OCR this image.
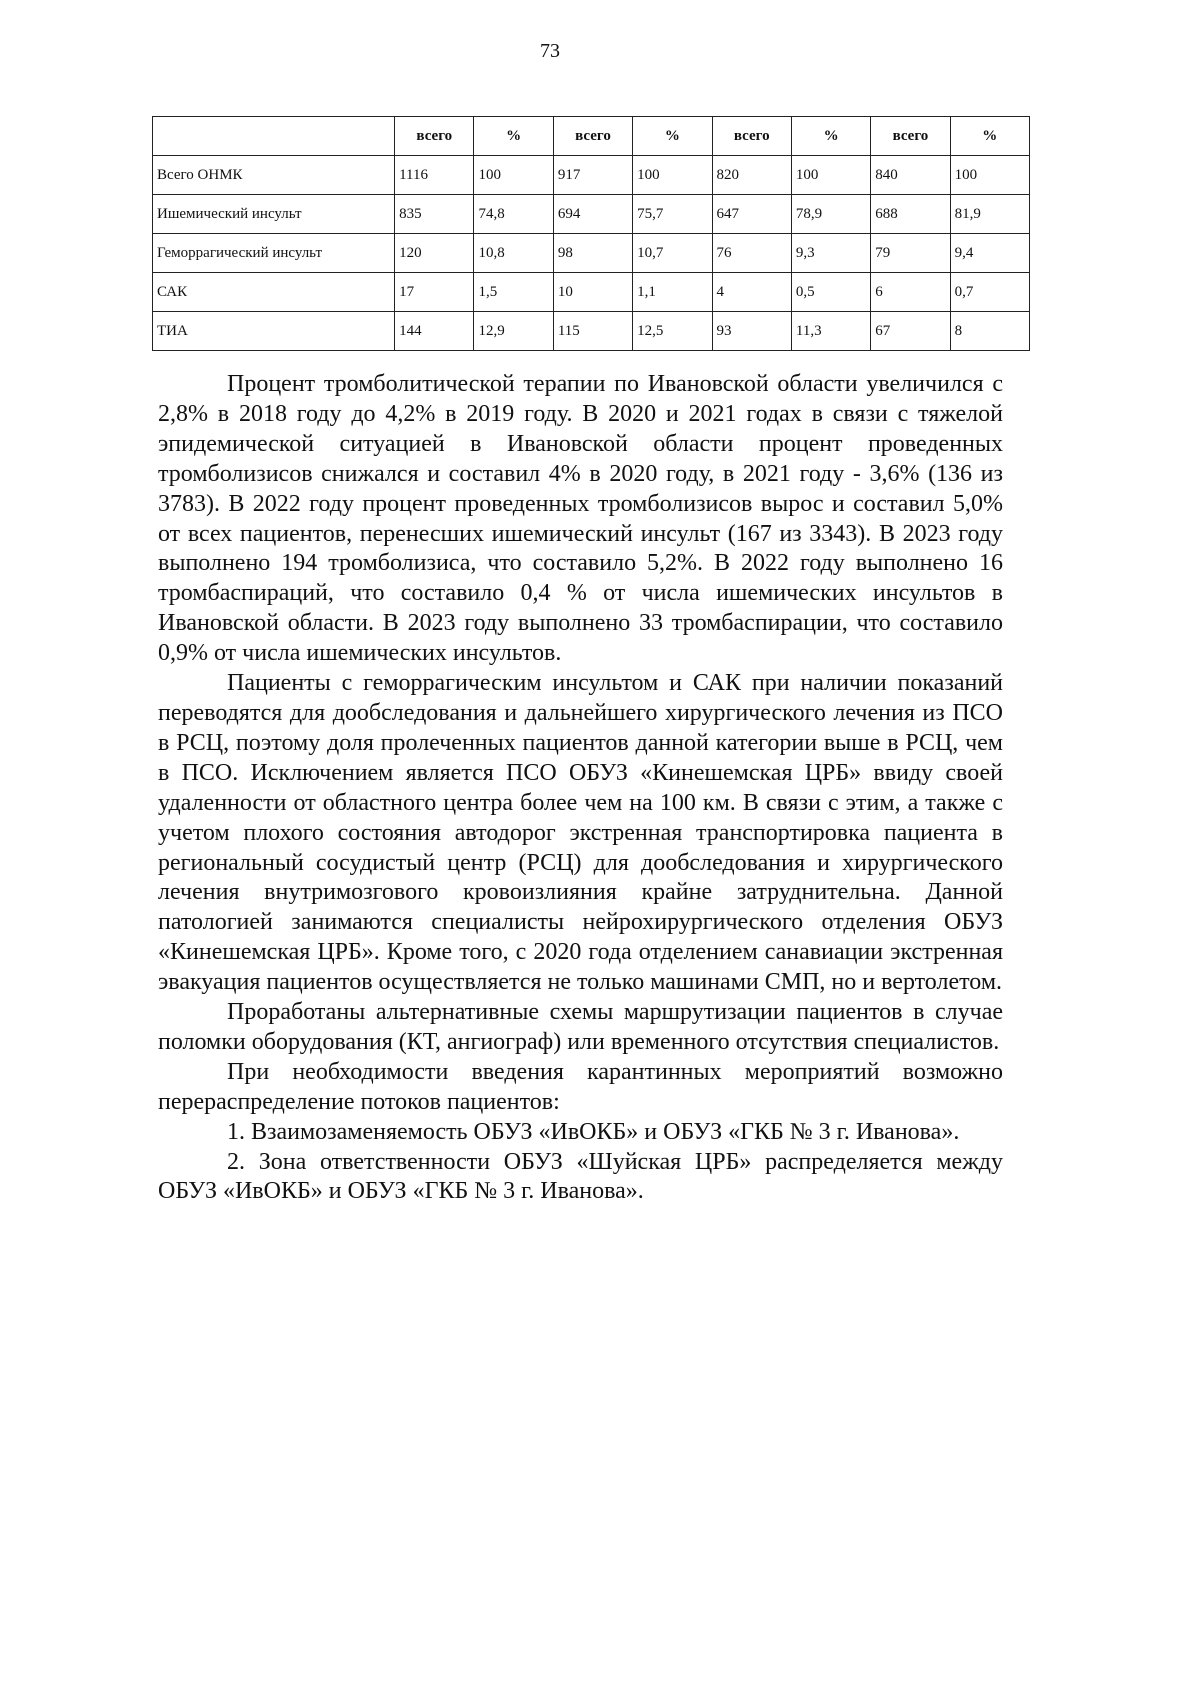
73
	всего	%	всего	%	всего	%	всего	%
Всего ОНМК	1116	100	917	100	820	100	840	100
Ишемический инсульт	835	74,8	694	75,7	647	78,9	688	81,9
Геморрагический инсульт	120	10,8	98	10,7	76	9,3	79	9,4
САК	17	1,5	10	1,1	4	0,5	6	0,7
ТИА	144	12,9	115	12,5	93	11,3	67	8

Процент тромболитической терапии по Ивановской области увеличился с 2,8% в 2018 году до 4,2% в 2019 году. В 2020 и 2021 годах в связи с тяжелой эпидемической ситуацией в Ивановской области процент проведенных тромболизисов снижался и составил 4% в 2020 году, в 2021 году - 3,6% (136 из 3783). В 2022 году процент проведенных тромболизисов вырос и составил 5,0% от всех пациентов, перенесших ишемический инсульт (167 из 3343). В 2023 году выполнено 194 тромболизиса, что составило 5,2%. В 2022 году выполнено 16 тромбаспираций, что составило 0,4 % от числа ишемических инсультов в Ивановской области. В 2023 году выполнено 33 тромбаспирации, что составило 0,9% от числа ишемических инсультов.

Пациенты с геморрагическим инсультом и САК при наличии показаний переводятся для дообследования и дальнейшего хирургического лечения из ПСО в РСЦ, поэтому доля пролеченных пациентов данной категории выше в РСЦ, чем в ПСО. Исключением является ПСО ОБУЗ «Кинешемская ЦРБ» ввиду своей удаленности от областного центра более чем на 100 км. В связи с этим, а также с учетом плохого состояния автодорог экстренная транспортировка пациента в региональный сосудистый центр (РСЦ) для дообследования и хирургического лечения внутримозгового кровоизлияния крайне затруднительна. Данной патологией занимаются специалисты нейрохирургического отделения ОБУЗ «Кинешемская ЦРБ». Кроме того, с 2020 года отделением санавиации экстренная эвакуация пациентов осуществляется не только машинами СМП, но и вертолетом.

Проработаны альтернативные схемы маршрутизации пациентов в случае поломки оборудования (КТ, ангиограф) или временного отсутствия специалистов.

При необходимости введения карантинных мероприятий возможно перераспределение потоков пациентов:

1. Взаимозаменяемость ОБУЗ «ИвОКБ» и ОБУЗ «ГКБ № 3 г. Иванова».

2. Зона ответственности ОБУЗ «Шуйская ЦРБ» распределяется между ОБУЗ «ИвОКБ» и ОБУЗ «ГКБ № 3 г. Иванова».
